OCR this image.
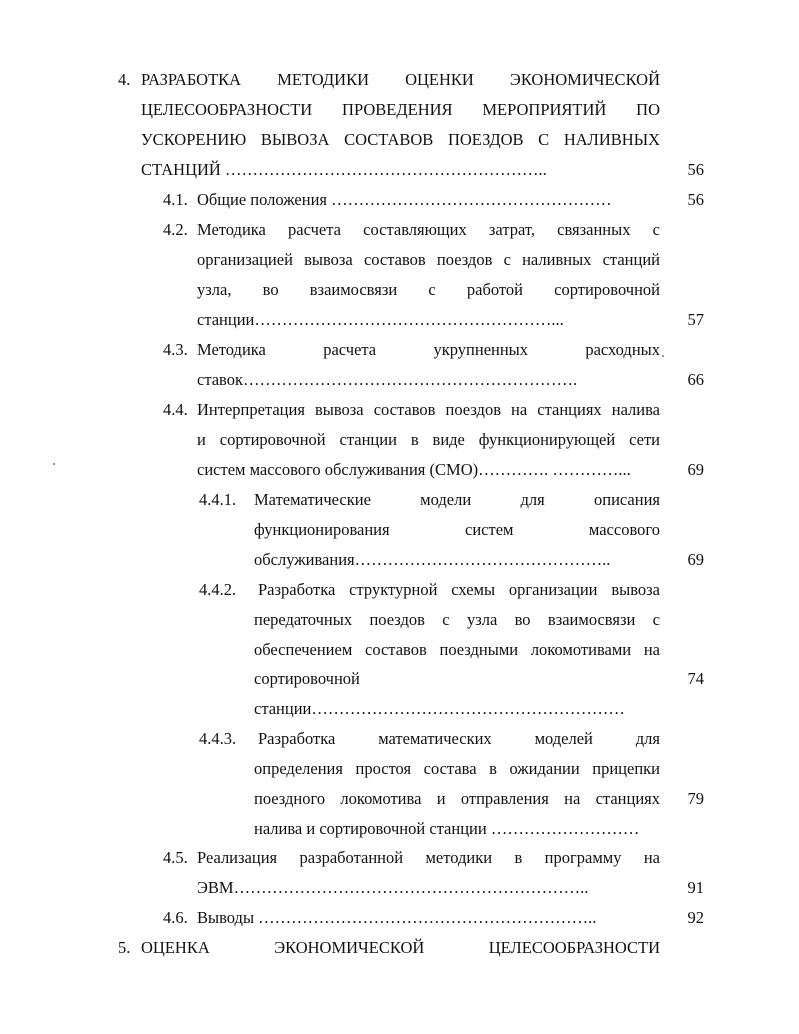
4. РАЗРАБОТКА МЕТОДИКИ ОЦЕНКИ ЭКОНОМИЧЕСКОЙ
ЦЕЛЕСООБРАЗНОСТИ ПРОВЕДЕНИЯ МЕРОПРИЯТИЙ ПО
УСКОРЕНИЮ ВЫВОЗА СОСТАВОВ ПОЕЗДОВ С НАЛИВНЫХ
СТАНЦИЙ …………………………………………………..	56
4.1. Общие положения ……………………………………………	56
4.2. Методика расчета составляющих затрат, связанных с
организацией вывоза составов поездов с наливных станций
узла, во взаимосвязи с работой сортировочной
станции………………………………………………...	57
4.3. Методика расчета укрупненных расходных
ставок…………………………………………………….	66
4.4. Интерпретация вывоза составов поездов на станциях налива
и сортировочной станции в виде функционирующей сети
систем массового обслуживания (СМО)…………. …………...	69
4.4.1. Математические модели для описания
функционирования систем массового
обслуживания………………………………………..	69
4.4.2. Разработка структурной схемы организации вывоза
передаточных поездов с узла во взаимосвязи с
обеспечением составов поездными локомотивами на
сортировочной	74
станции…………………………………………………
4.4.3. Разработка математических моделей для
определения простоя состава в ожидании прицепки
поездного локомотива и отправления на станциях	79
налива и сортировочной станции ………………………
4.5. Реализация разработанной методики в программу на
ЭВМ………………………………………………………..	91
4.6. Выводы ……………………………………………………..	92
5. ОЦЕНКА ЭКОНОМИЧЕСКОЙ ЦЕЛЕСООБРАЗНОСТИ
